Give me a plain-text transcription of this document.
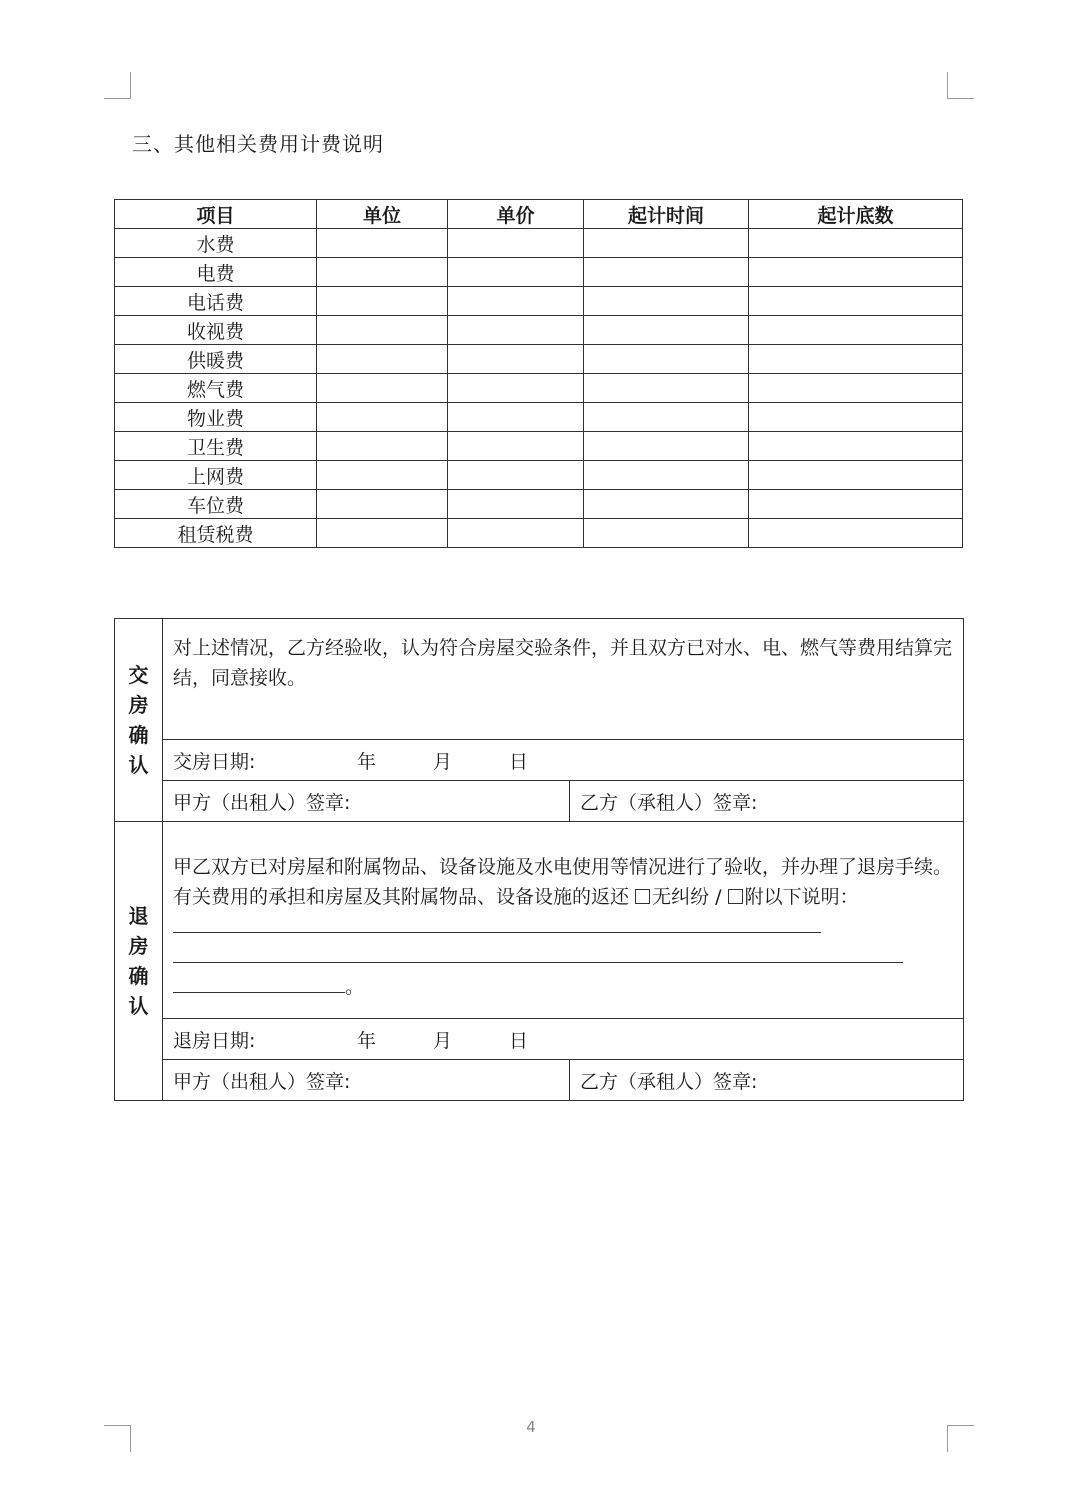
三、其他相关费用计费说明
项目	单位	单价	起计时间	起计底数
水费				
电费				
电话费				
收视费				
供暖费				
燃气费				
物业费				
卫生费				
上网费				
车位费				
租赁税费				
交
房
确
认	对上述情况，乙方经验收，认为符合房屋交验条件，并且双方已对水、电、燃气等费用结算完结，同意接收。	
	交房日期: 年 月 日	
	甲方（出租人）签章:	乙方（承租人）签章:

退
房
确
认	甲乙双方已对房屋和附属物品、设备设施及水电使用等情况进行了验收，并办理了退房手续。有关费用的承担和房屋及其附属物品、设备设施的返还 无纠纷 / 附以下说明：

。	
	退房日期: 年 月 日	
	甲方（出租人）签章:	乙方（承租人）签章:
4
